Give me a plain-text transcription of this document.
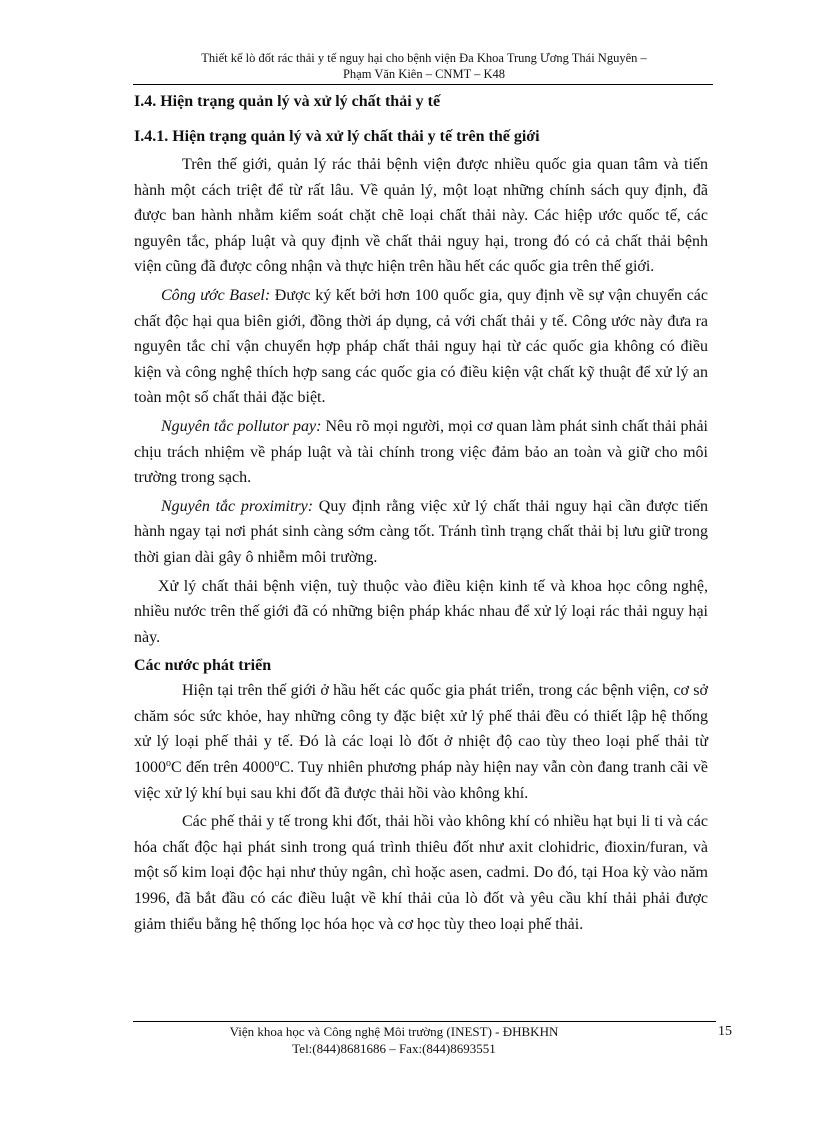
Thiết kế lò đốt rác thải y tế nguy hại cho bệnh viện Đa Khoa Trung Ương Thái Nguyên –
Phạm Văn Kiên – CNMT – K48
I.4. Hiện trạng quản lý và xử lý chất thải y tế
I.4.1. Hiện trạng quản lý và xử lý chất thải y tế trên thế giới

Trên thế giới, quản lý rác thải bệnh viện được nhiều quốc gia quan tâm và tiến hành một cách triệt để từ rất lâu. Về quản lý, một loạt những chính sách quy định, đã được ban hành nhằm kiểm soát chặt chẽ loại chất thải này. Các hiệp ước quốc tế, các nguyên tắc, pháp luật và quy định về chất thải nguy hại, trong đó có cả chất thải bệnh viện cũng đã được công nhận và thực hiện trên hầu hết các quốc gia trên thế giới.

Công ước Basel: Được ký kết bởi hơn 100 quốc gia, quy định về sự vận chuyển các chất độc hại qua biên giới, đồng thời áp dụng, cả với chất thải y tế. Công ước này đưa ra nguyên tắc chỉ vận chuyển hợp pháp chất thải nguy hại từ các quốc gia không có điều kiện và công nghệ thích hợp sang các quốc gia có điều kiện vật chất kỹ thuật để xử lý an toàn một số chất thải đặc biệt.

Nguyên tắc pollutor pay: Nêu rõ mọi người, mọi cơ quan làm phát sinh chất thải phải chịu trách nhiệm về pháp luật và tài chính trong việc đảm bảo an toàn và giữ cho môi trường trong sạch.

Nguyên tắc proximitry: Quy định rằng việc xử lý chất thải nguy hại cần được tiến hành ngay tại nơi phát sinh càng sớm càng tốt. Tránh tình trạng chất thải bị lưu giữ trong thời gian dài gây ô nhiễm môi trường.

Xử lý chất thải bệnh viện, tuỳ thuộc vào điều kiện kinh tế và khoa học công nghệ, nhiều nước trên thế giới đã có những biện pháp khác nhau để xử lý loại rác thải nguy hại này.

Các nước phát triển

Hiện tại trên thế giới ở hầu hết các quốc gia phát triển, trong các bệnh viện, cơ sở chăm sóc sức khỏe, hay những công ty đặc biệt xử lý phế thải đều có thiết lập hệ thống xử lý loại phế thải y tế. Đó là các loại lò đốt ở nhiệt độ cao tùy theo loại phế thải từ 1000$^o$C đến trên 4000$^o$C. Tuy nhiên phương pháp này hiện nay vẫn còn đang tranh cãi về việc xử lý khí bụi sau khi đốt đã được thải hồi vào không khí.

Các phế thải y tế trong khi đốt, thải hồi vào không khí có nhiều hạt bụi li ti và các hóa chất độc hại phát sinh trong quá trình thiêu đốt như axit clohidric, đioxin/furan, và một số kim loại độc hại như thủy ngân, chì hoặc asen, cadmi. Do đó, tại Hoa kỳ vào năm 1996, đã bắt đầu có các điều luật về khí thải của lò đốt và yêu cầu khí thải phải được giảm thiểu bằng hệ thống lọc hóa học và cơ học tùy theo loại phế thải.

Viện khoa học và Công nghệ Môi trường (INEST) - ĐHBKHN
Tel:(844)8681686 – Fax:(844)8693551
15
